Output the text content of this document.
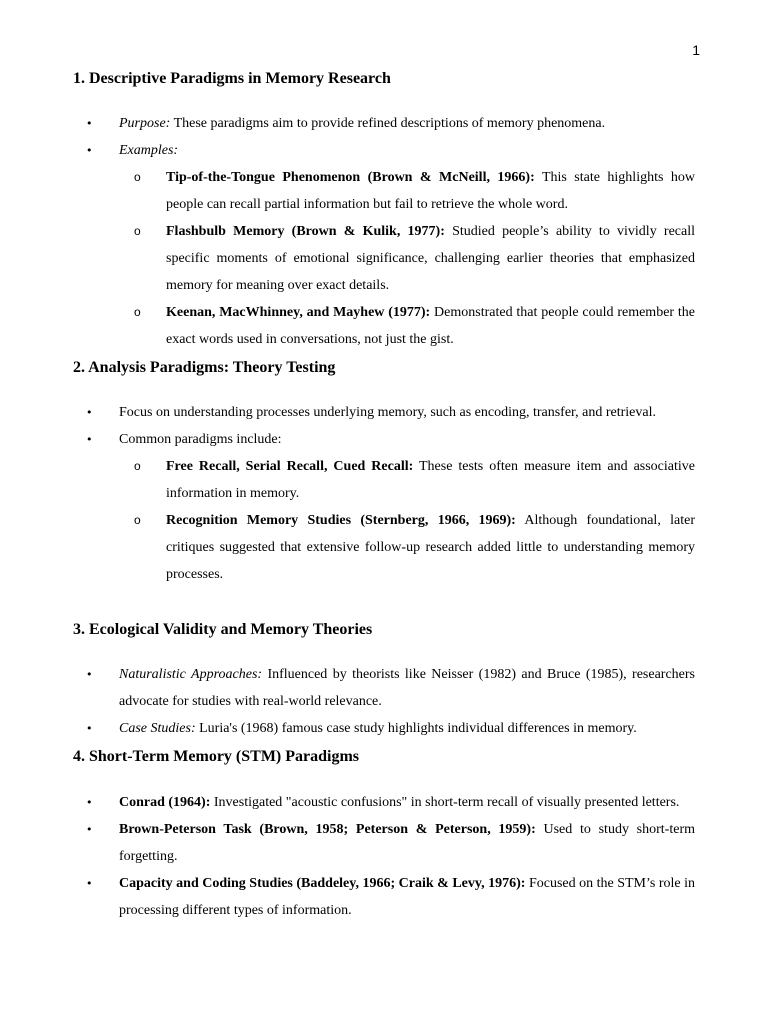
1
1. Descriptive Paradigms in Memory Research
• Purpose: These paradigms aim to provide refined descriptions of memory phenomena.
• Examples:
o Tip-of-the-Tongue Phenomenon (Brown & McNeill, 1966): This state highlights how people can recall partial information but fail to retrieve the whole word.
o Flashbulb Memory (Brown & Kulik, 1977): Studied people’s ability to vividly recall specific moments of emotional significance, challenging earlier theories that emphasized memory for meaning over exact details.
o Keenan, MacWhinney, and Mayhew (1977): Demonstrated that people could remember the exact words used in conversations, not just the gist.
2. Analysis Paradigms: Theory Testing
• Focus on understanding processes underlying memory, such as encoding, transfer, and retrieval.
• Common paradigms include:
o Free Recall, Serial Recall, Cued Recall: These tests often measure item and associative information in memory.
o Recognition Memory Studies (Sternberg, 1966, 1969): Although foundational, later critiques suggested that extensive follow-up research added little to understanding memory processes.
3. Ecological Validity and Memory Theories
• Naturalistic Approaches: Influenced by theorists like Neisser (1982) and Bruce (1985), researchers advocate for studies with real-world relevance.
• Case Studies: Luria's (1968) famous case study highlights individual differences in memory.
4. Short-Term Memory (STM) Paradigms
• Conrad (1964): Investigated "acoustic confusions" in short-term recall of visually presented letters.
• Brown-Peterson Task (Brown, 1958; Peterson & Peterson, 1959): Used to study short-term forgetting.
• Capacity and Coding Studies (Baddeley, 1966; Craik & Levy, 1976): Focused on the STM’s role in processing different types of information.
